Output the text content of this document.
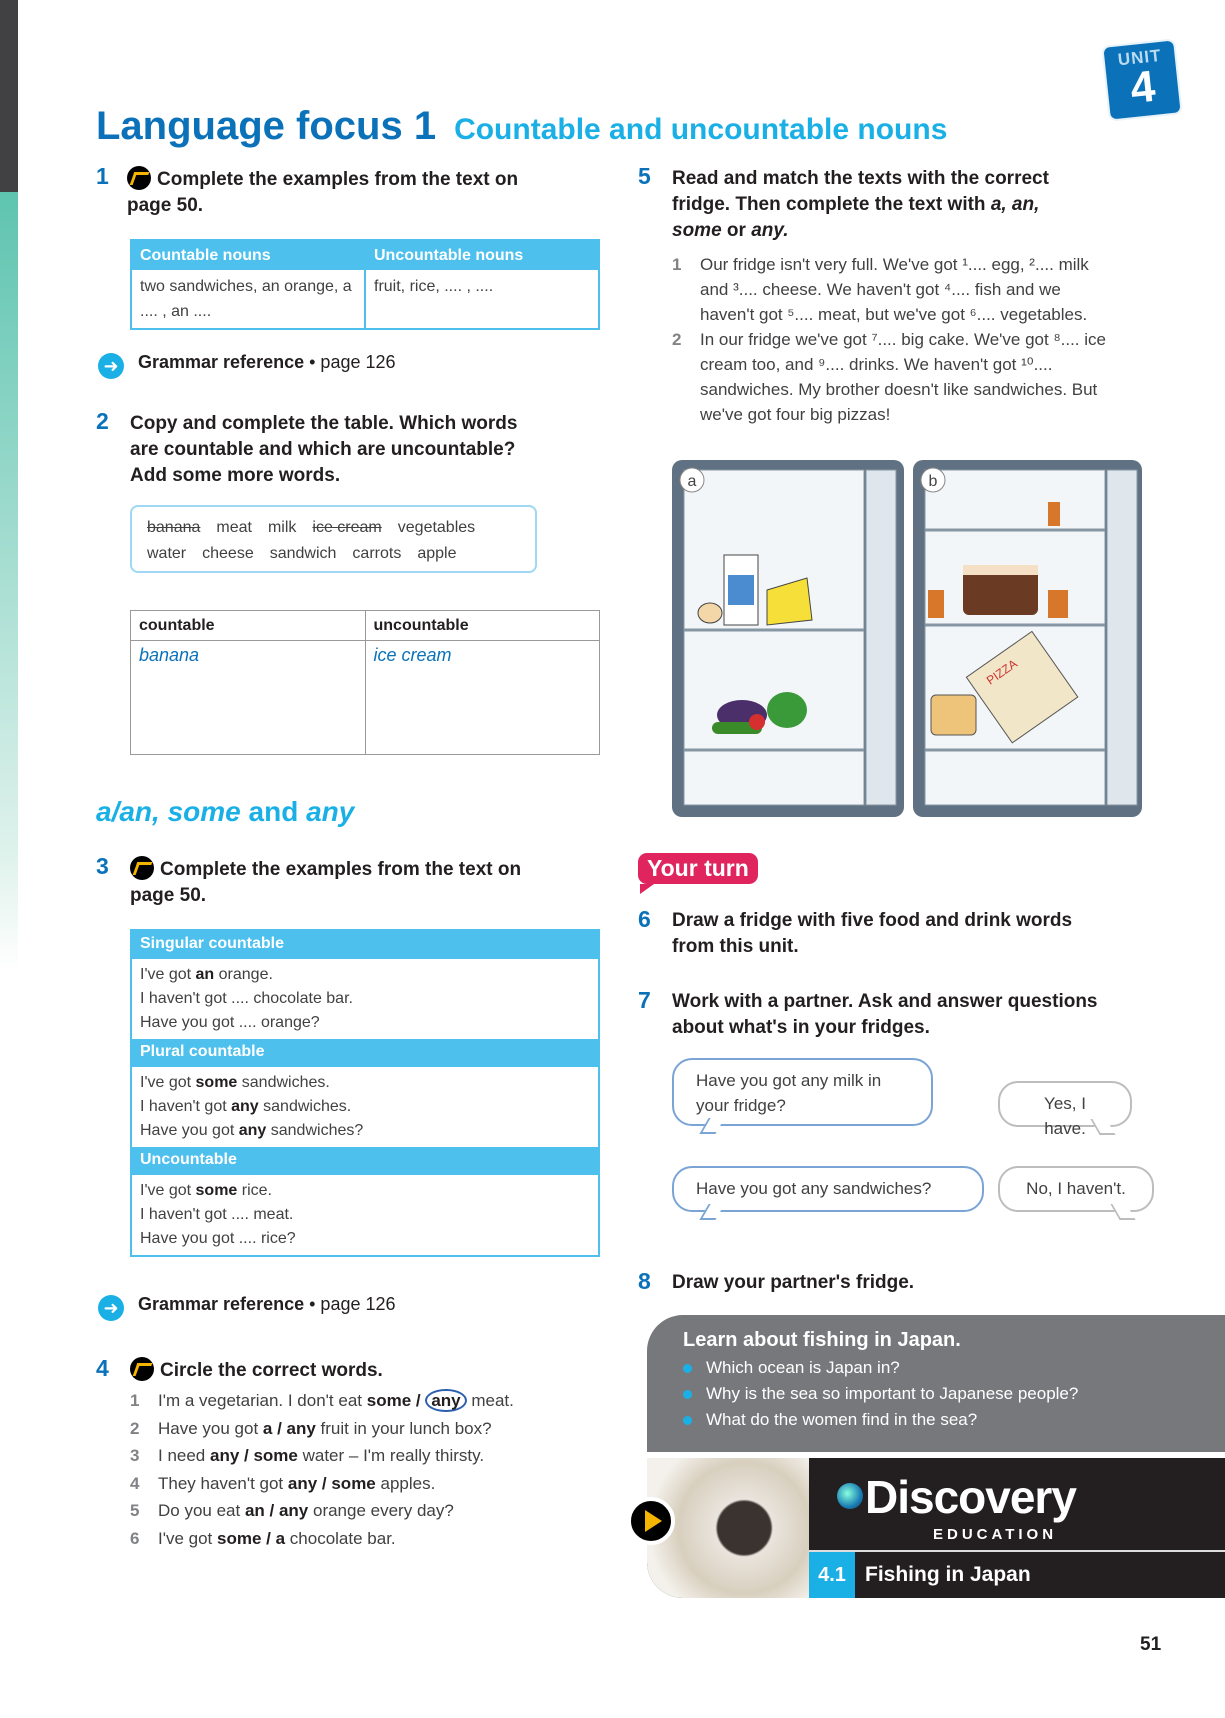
UNIT
4
Language focus 1 Countable and uncountable nouns
1	Complete the examples from the text on page 50.
Countable nouns	Uncountable nouns
two sandwiches, an orange, a .... , an ....	fruit, rice, .... , ....
➜ Grammar reference • page 126
2 Copy and complete the table. Which words are countable and which are uncountable? Add some more words.
banana meat milk ice cream vegetables
water cheese sandwich carrots apple
countable	uncountable
banana	ice cream
a/an, some and any
3	Complete the examples from the text on page 50.
Singular countable
I've got an orange.
I haven't got .... chocolate bar.
Have you got .... orange?
Plural countable
I've got some sandwiches.
I haven't got any sandwiches.
Have you got any sandwiches?
Uncountable
I've got some rice.
I haven't got .... meat.
Have you got .... rice?
➜ Grammar reference • page 126
4	Circle the correct words.
1 I'm a vegetarian. I don't eat some / any meat.
2 Have you got a / any fruit in your lunch box?
3 I need any / some water – I'm really thirsty.
4 They haven't got any / some apples.
5 Do you eat an / any orange every day?
6 I've got some / a chocolate bar.
5 Read and match the texts with the correct fridge. Then complete the text with a, an, some or any.
1 Our fridge isn't very full. We've got ¹.... egg, ².... milk and ³.... cheese. We haven't got ⁴.... fish and we haven't got ⁵.... meat, but we've got ⁶.... vegetables.
2 In our fridge we've got ⁷.... big cake. We've got ⁸.... ice cream too, and ⁹.... drinks. We haven't got ¹⁰.... sandwiches. My brother doesn't like sandwiches. But we've got four big pizzas!
a
PIZZA
b
Your turn
6 Draw a fridge with five food and drink words from this unit.
7 Work with a partner. Ask and answer questions about what's in your fridges.
Have you got any milk in your fridge?	Yes, I have.
Have you got any sandwiches?	No, I haven't.
8 Draw your partner's fridge.
Learn about fishing in Japan.
Which ocean is Japan in?
Why is the sea so important to Japanese people?
What do the women find in the sea?
Discovery
EDUCATION
4.1 Fishing in Japan
51
